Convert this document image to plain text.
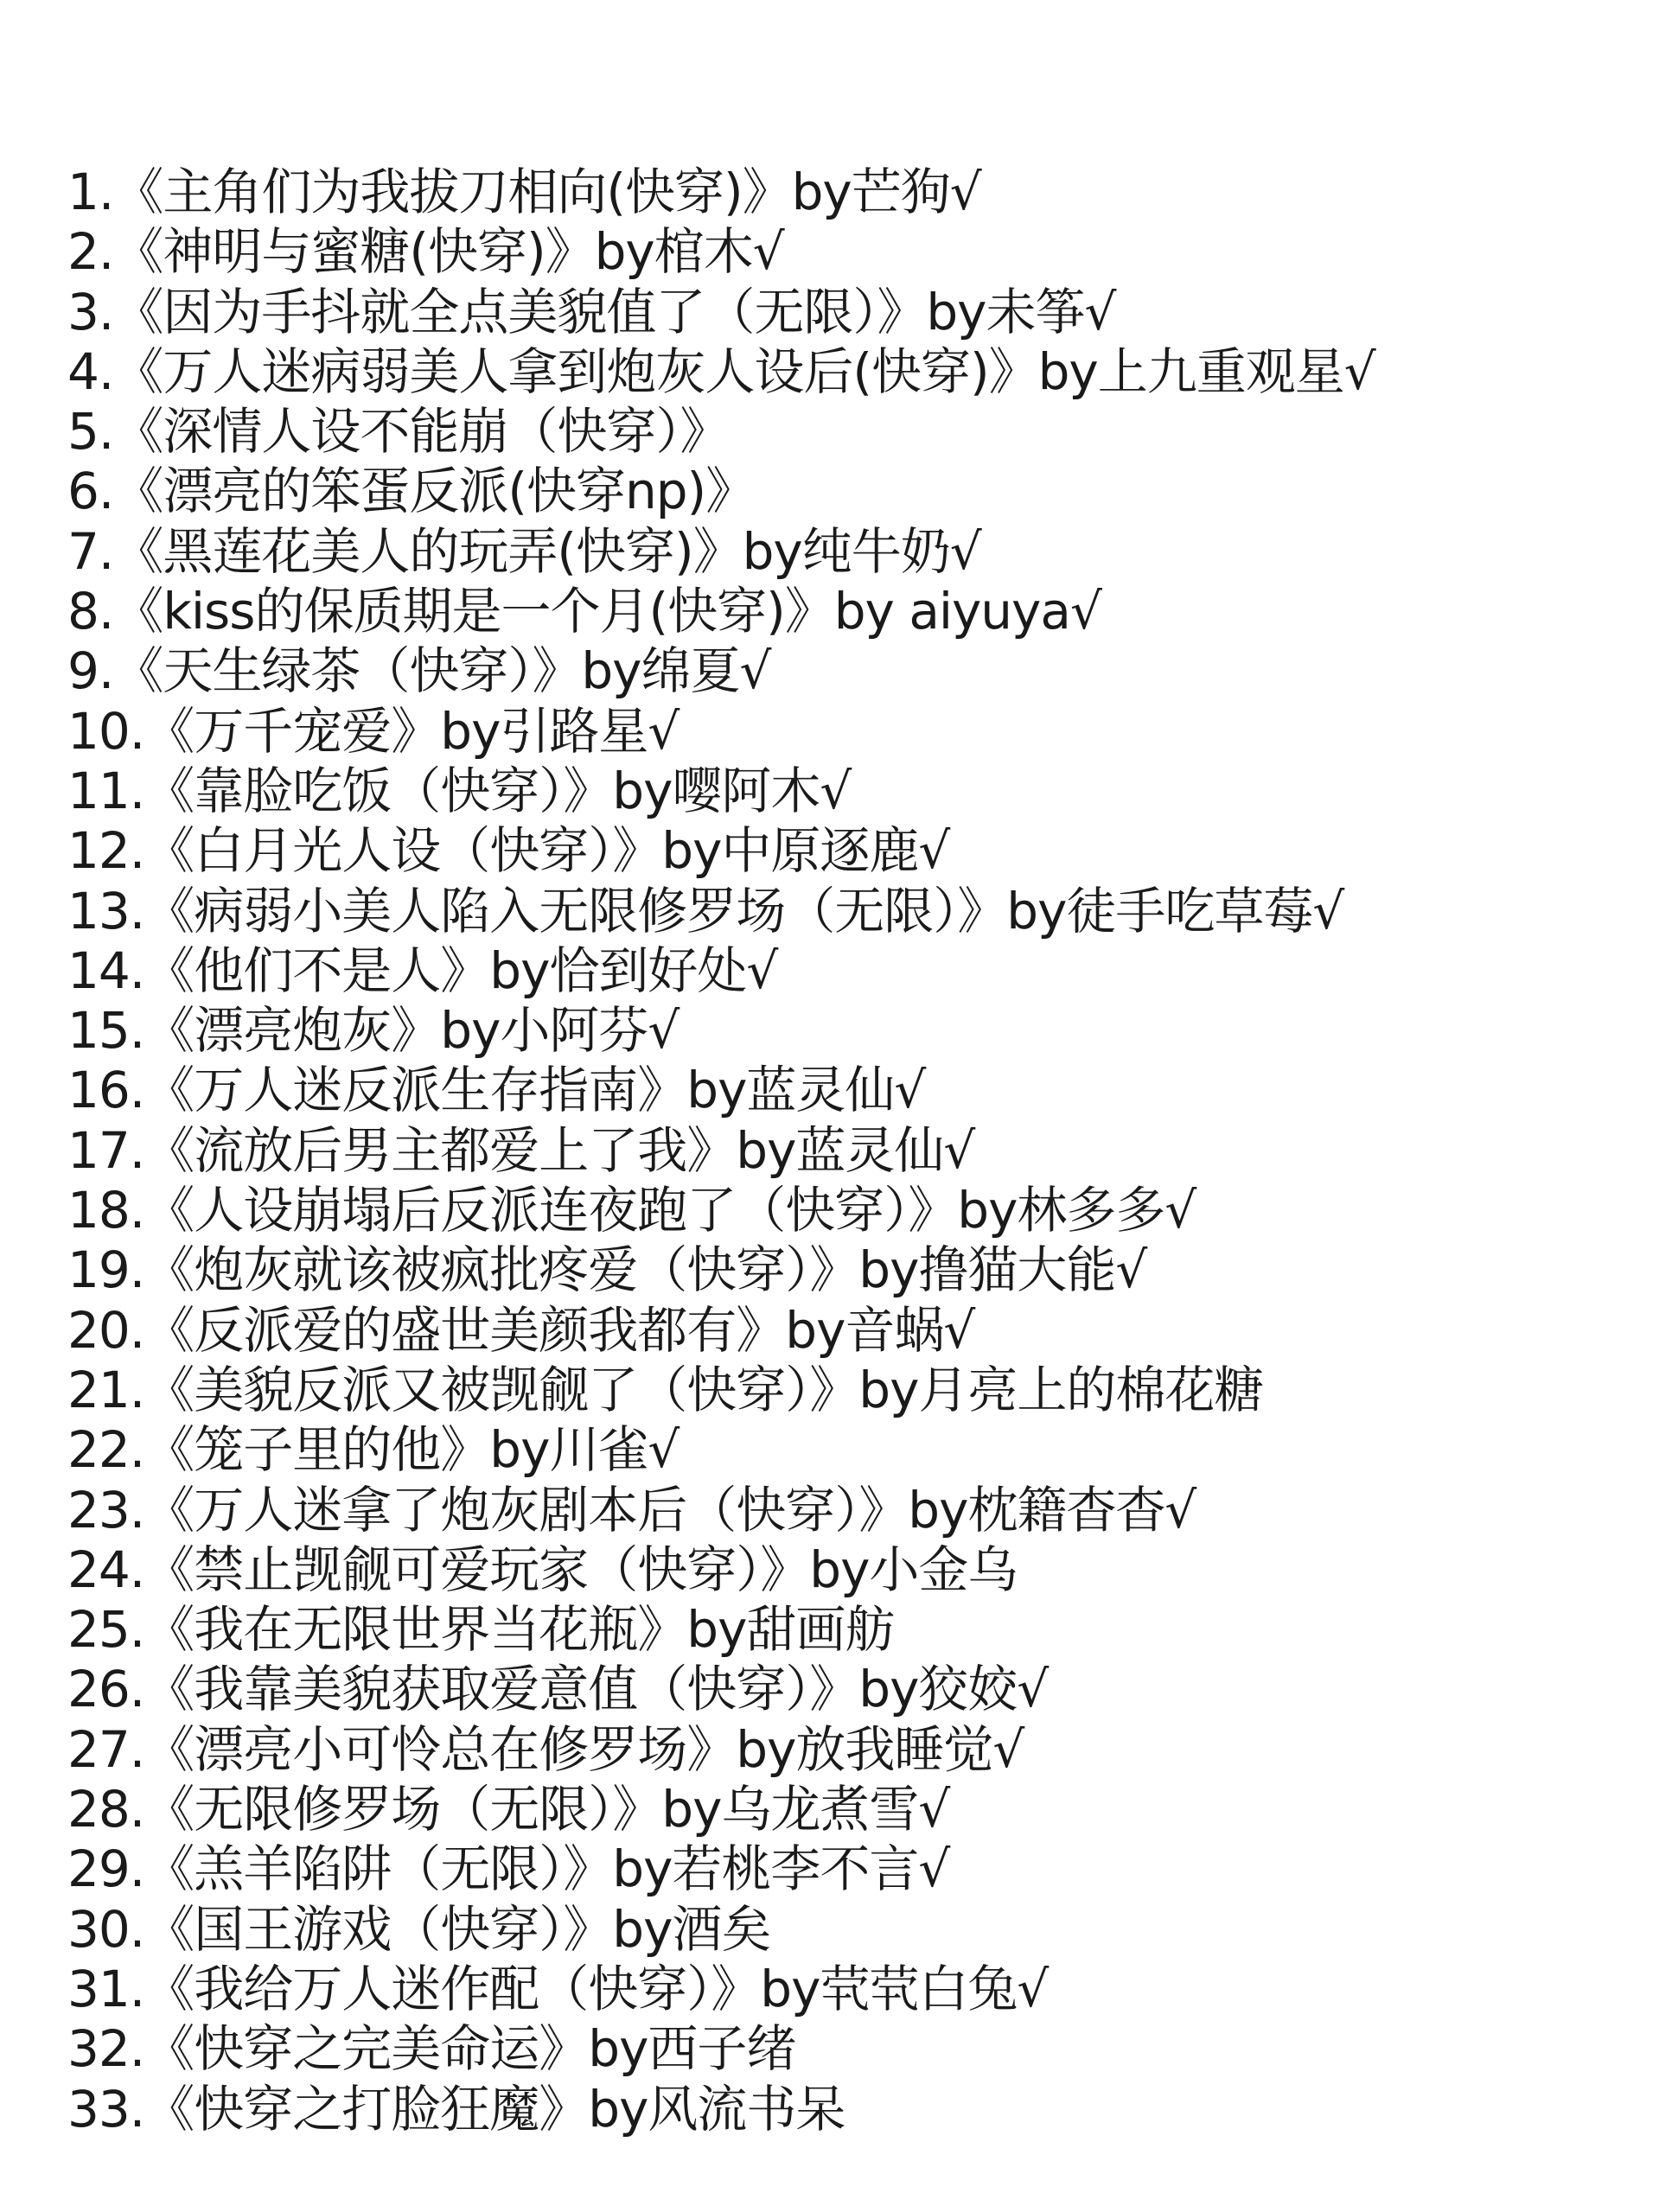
1.《主角们为我拔刀相向(快穿)》by芒狗√
2.《神明与蜜糖(快穿)》by棺木√
3.《因为手抖就全点美貌值了（无限）》by未筝√
4.《万人迷病弱美人拿到炮灰人设后(快穿)》by上九重观星√
5.《深情人设不能崩（快穿）》
6.《漂亮的笨蛋反派(快穿np)》
7.《黑莲花美人的玩弄(快穿)》by纯牛奶√
8.《kiss的保质期是一个月(快穿)》by aiyuya√
9.《天生绿茶（快穿）》by绵夏√
10.《万千宠爱》by引路星√
11.《靠脸吃饭（快穿）》by嘤阿木√
12.《白月光人设（快穿）》by中原逐鹿√
13.《病弱小美人陷入无限修罗场（无限）》by徒手吃草莓√
14.《他们不是人》by恰到好处√
15.《漂亮炮灰》by小阿芬√
16.《万人迷反派生存指南》by蓝灵仙√
17.《流放后男主都爱上了我》by蓝灵仙√
18.《人设崩塌后反派连夜跑了（快穿）》by林多多√
19.《炮灰就该被疯批疼爱（快穿）》by撸猫大能√
20.《反派爱的盛世美颜我都有》by音蜗√
21.《美貌反派又被觊觎了（快穿）》by月亮上的棉花糖
22.《笼子里的他》by川雀√
23.《万人迷拿了炮灰剧本后（快穿）》by枕籍杳杳√
24.《禁止觊觎可爱玩家（快穿）》by小金乌
25.《我在无限世界当花瓶》by甜画舫
26.《我靠美貌获取爱意值（快穿）》by狡姣√
27.《漂亮小可怜总在修罗场》by放我睡觉√
28.《无限修罗场（无限）》by乌龙煮雪√
29.《羔羊陷阱（无限）》by若桃李不言√
30.《国王游戏（快穿）》by酒矣
31.《我给万人迷作配（快穿）》by茕茕白兔√
32.《快穿之完美命运》by西子绪
33.《快穿之打脸狂魔》by风流书呆
